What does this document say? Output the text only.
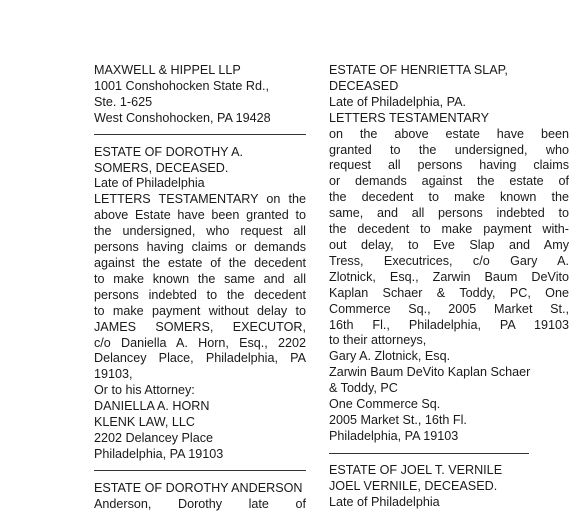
MAXWELL & HIPPEL LLP
1001 Conshohocken State Rd.,
Ste. 1-625
West Conshohocken, PA 19428
ESTATE OF DOROTHY A.
SOMERS, DECEASED.
Late of Philadelphia
LETTERS TESTAMENTARY on the
above Estate have been granted to
the undersigned, who request all
persons having claims or demands
against the estate of the decedent
to make known the same and all
persons indebted to the decedent
to make payment without delay to
JAMES SOMERS, EXECUTOR,
c/o Daniella A. Horn, Esq., 2202
Delancey Place, Philadelphia, PA
19103,
Or to his Attorney:
DANIELLA A. HORN
KLENK LAW, LLC
2202 Delancey Place
Philadelphia, PA 19103
ESTATE OF DOROTHY ANDERSON
Anderson, Dorothy late of
ESTATE OF HENRIETTA SLAP,
DECEASED
Late of Philadelphia, PA.
LETTERS TESTAMENTARY
on the above estate have been
granted to the undersigned, who
request all persons having claims
or demands against the estate of
the decedent to make known the
same, and all persons indebted to
the decedent to make payment with-
out delay, to Eve Slap and Amy
Tress, Executrices, c/o Gary A.
Zlotnick, Esq., Zarwin Baum DeVito
Kaplan Schaer & Toddy, PC, One
Commerce Sq., 2005 Market St.,
16th Fl., Philadelphia, PA 19103
to their attorneys,
Gary A. Zlotnick, Esq.
Zarwin Baum DeVito Kaplan Schaer
& Toddy, PC
One Commerce Sq.
2005 Market St., 16th Fl.
Philadelphia, PA 19103
ESTATE OF JOEL T. VERNILE
JOEL VERNILE, DECEASED.
Late of Philadelphia
